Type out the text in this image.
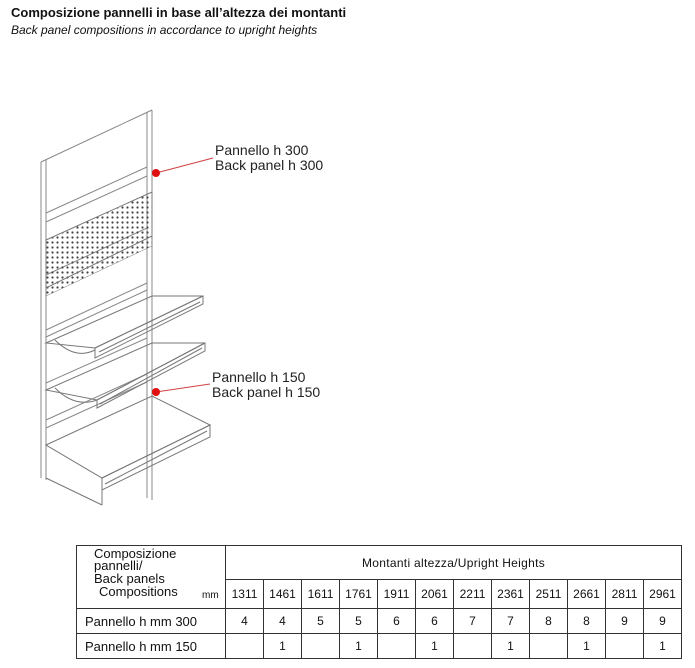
Composizione pannelli in base all’altezza dei montanti
Back panel compositions in accordance to upright heights
Pannello h 300
Back panel h 300
Pannello h 150
Back panel h 150
Composizione
pannelli/
Back panels
Compositions mm	Montanti altezza/Upright Heights											
	1311	1461	1611	1761	1911	2061	2211	2361	2511	2661	2811	2961
Pannello h mm 300	4	4	5	5	6	6	7	7	8	8	9	9
Pannello h mm 150		1		1		1		1		1		1
